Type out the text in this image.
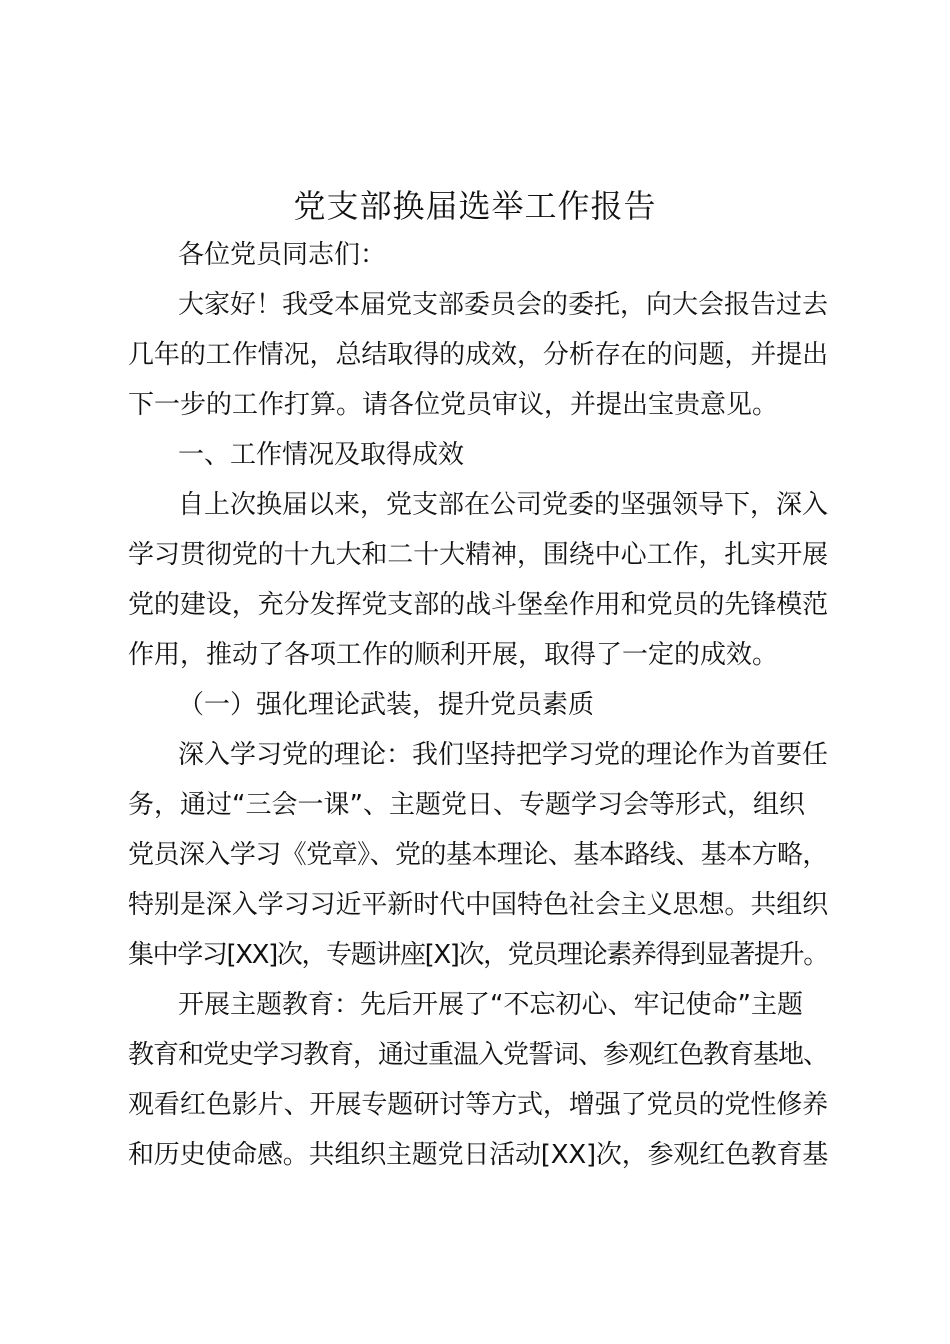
党支部换届选举工作报告
各位党员同志们：
大家好！我受本届党支部委员会的委托，向大会报告过去
几年的工作情况，总结取得的成效，分析存在的问题，并提出
下一步的工作打算。请各位党员审议，并提出宝贵意见。
一、工作情况及取得成效
自上次换届以来，党支部在公司党委的坚强领导下，深入
学习贯彻党的十九大和二十大精神，围绕中心工作，扎实开展
党的建设，充分发挥党支部的战斗堡垒作用和党员的先锋模范
作用，推动了各项工作的顺利开展，取得了一定的成效。
（一）强化理论武装，提升党员素质
深入学习党的理论：我们坚持把学习党的理论作为首要任
务，通过“三会一课”、主题党日、专题学习会等形式，组织
党员深入学习《党章》、党的基本理论、基本路线、基本方略，
特别是深入学习习近平新时代中国特色社会主义思想。共组织
集中学习[XX]次，专题讲座[X]次，党员理论素养得到显著提升。
开展主题教育：先后开展了“不忘初心、牢记使命”主题
教育和党史学习教育，通过重温入党誓词、参观红色教育基地、
观看红色影片、开展专题研讨等方式，增强了党员的党性修养
和历史使命感。共组织主题党日活动[XX]次，参观红色教育基
